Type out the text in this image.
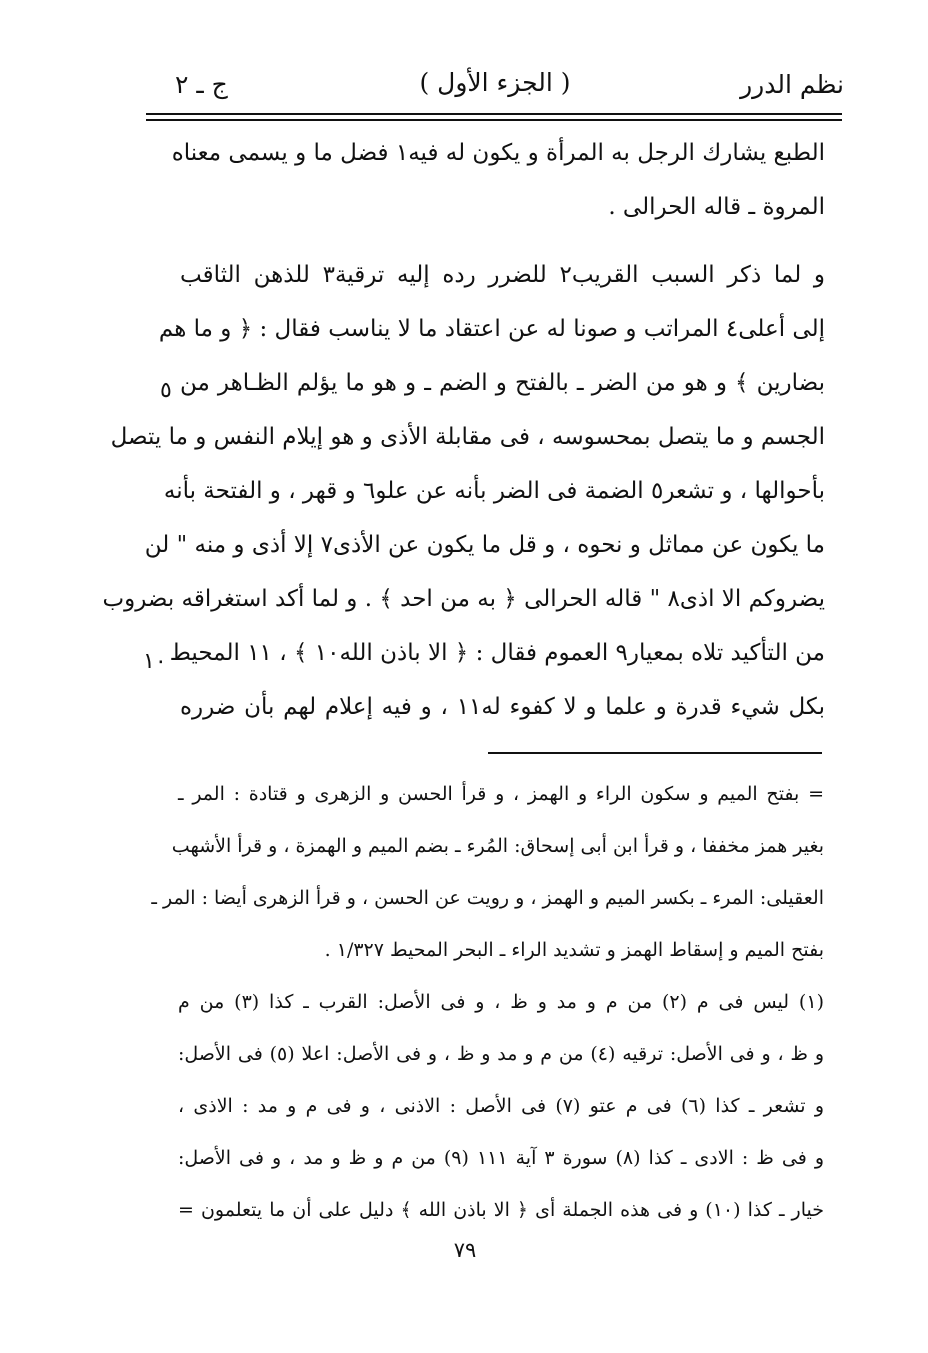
نظم الدرر
( الجزء الأول )
ج ـ ٢
الطبع يشارك الرجل به المرأة و يكون له فيه١ فضل ما و يسمى معناه
المروة ـ قاله الحرالى .
و لما ذكر السبب القريب٢ للضرر رده إليه ترقية٣ للذهن الثاقب
إلى أعلى٤ المراتب و صونا له عن اعتقاد ما لا يناسب فقال : ﴿ و ما هم
بضارين ﴾ و هو من الضر ـ بالفتح و الضم ـ و هو ما يؤلم الظـاهر من
الجسم و ما يتصل بمحسوسه ، فى مقابلة الأذى و هو إيلام النفس و ما يتصل
بأحوالها ، و تشعر٥ الضمة فى الضر بأنه عن علو٦ و قهر ، و الفتحة بأنه
ما يكون عن مماثل و نحوه ، و قل ما يكون عن الأذى٧ إلا أذى و منه " لن
يضروكم الا اذى٨ " قاله الحرالى ﴿ به من احد ﴾ . و لما أكد استغراقه بضروب
من التأكيد تلاه بمعيار٩ العموم فقال : ﴿ الا باذن الله١٠ ﴾ ، ١١ المحيط
بكل شيء قدرة و علما و لا كفوء له١١ ، و فيه إعلام لهم بأن ضرره
٥
١٠
= بفتح الميم و سكون الراء و الهمز ، و قرأ الحسن و الزهرى و قتادة : المر ـ
بغير همز مخففا ، و قرأ ابن أبى إسحاق: المُرء ـ بضم الميم و الهمزة ، و قرأ الأشهب
العقيلى: المرء ـ بكسر الميم و الهمز ، و رويت عن الحسن ، و قرأ الزهرى أيضا : المر ـ
بفتح الميم و إسقاط الهمز و تشديد الراء ـ البحر المحيط ١/٣٢٧ .
(١) ليس فى م (٢) من م و مد و ظ ، و فى الأصل: القرب ـ كذا (٣) من م
و ظ ، و فى الأصل: ترقيه (٤) من م و مد و ظ ، و فى الأصل: اعلا (٥) فى الأصل:
و تشعر ـ كذا (٦) فى م عتو (٧) فى الأصل : الاذنى ، و فى م و مد : الاذى ،
و فى ظ : الادى ـ كذا (٨) سورة ٣ آية ١١١ (٩) من م و ظ و مد ، و فى الأصل:
خيار ـ كذا (١٠) و فى هذه الجملة أى ﴿ الا باذن الله ﴾ دليل على أن ما يتعلمون =
٧٩
